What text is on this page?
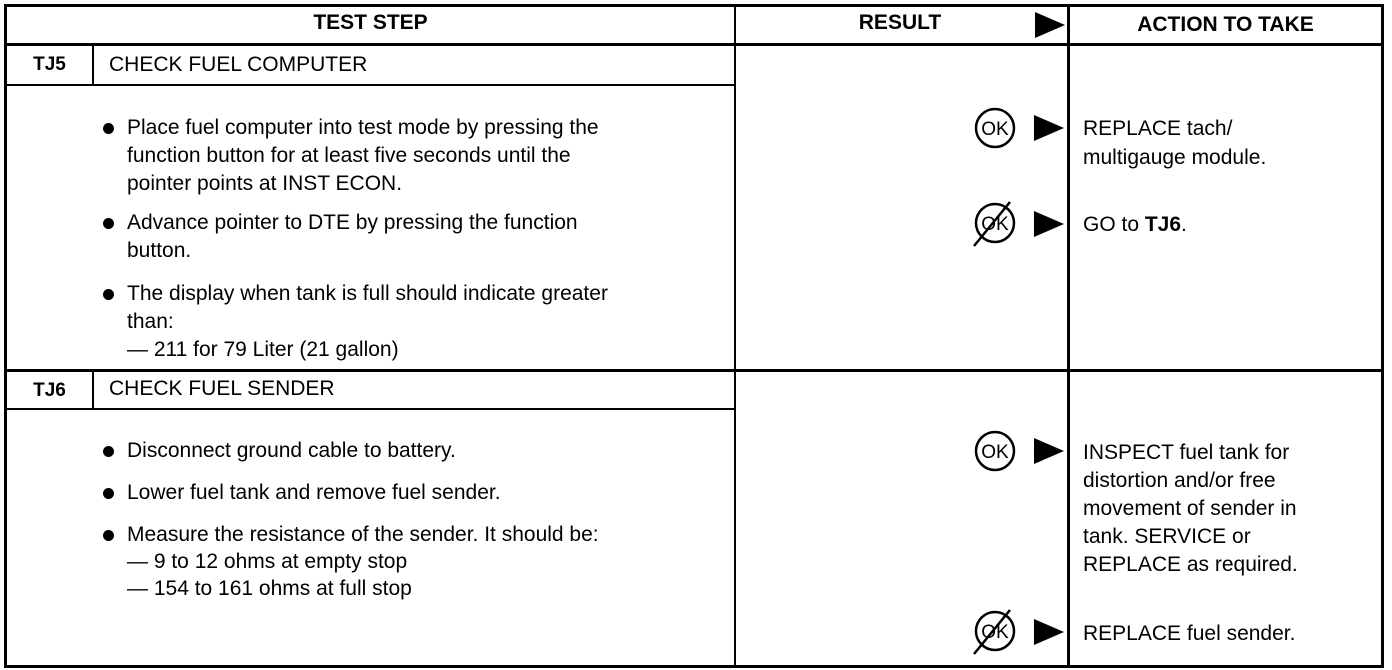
TEST STEP	RESULT	ACTION TO TAKE
TJ5	CHECK FUEL COMPUTER
Place fuel computer into test mode by pressing the
function button for at least five seconds until the
pointer points at INST ECON.
Advance pointer to DTE by pressing the function
button.
The display when tank is full should indicate greater
than:
— 211 for 79 Liter (21 gallon)
OK	REPLACE tach/
multigauge module.
OK	GO to TJ6.
TJ6	CHECK FUEL SENDER
Disconnect ground cable to battery.
Lower fuel tank and remove fuel sender.
Measure the resistance of the sender. It should be:
— 9 to 12 ohms at empty stop
— 154 to 161 ohms at full stop
OK	INSPECT fuel tank for
distortion and/or free
movement of sender in
tank. SERVICE or
REPLACE as required.
OK	REPLACE fuel sender.
